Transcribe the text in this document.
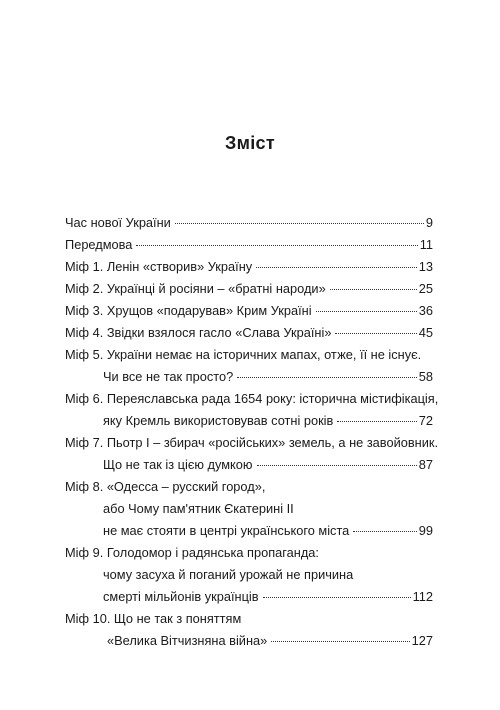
Зміст
Час нової України	9
Передмова	11
Міф 1. Ленін «створив» Україну	13
Міф 2. Українці й росіяни – «братні народи»	25
Міф 3. Хрущов «подарував» Крим Україні	36
Міф 4. Звідки взялося гасло «Слава Україні»	45
Міф 5. України немає на історичних мапах, отже, її не існує.
Чи все не так просто?	58
Міф 6. Переяславська рада 1654 року: історична містифікація,
яку Кремль використовував сотні років	72
Міф 7. Пьотр I – збирач «російських» земель, а не завойовник.
Що не так із цією думкою	87
Міф 8. «Одесса – русский город»,
або Чому пам'ятник Єкатерині ІІ
не має стояти в центрі українського міста	99
Міф 9. Голодомор і радянська пропаганда:
чому засуха й поганий урожай не причина
смерті мільйонів українців	112
Міф 10. Що не так з поняттям
«Велика Вітчизняна війна»	127
